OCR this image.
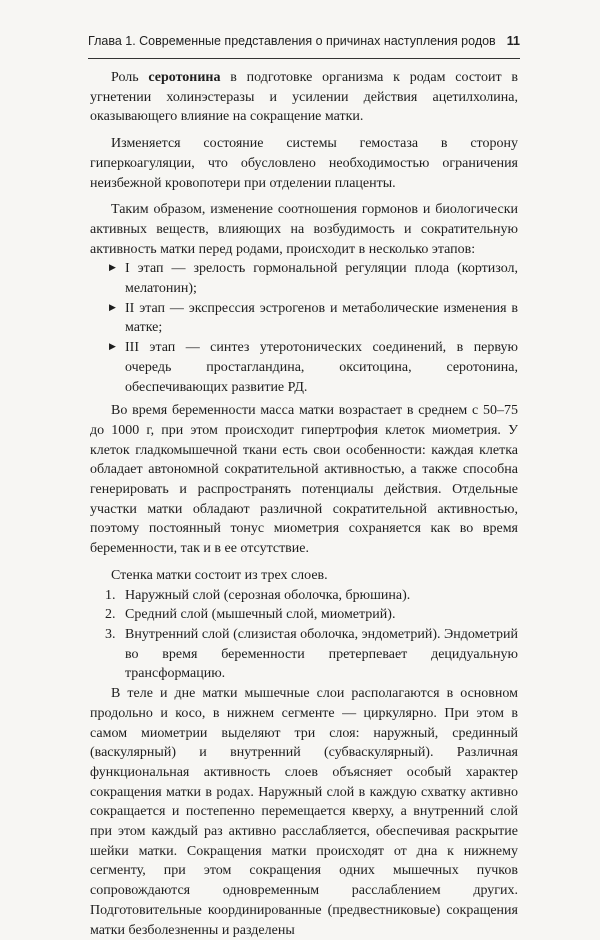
Глава 1. Современные представления о причинах наступления родов 11

Роль серотонина в подготовке организма к родам состоит в угнетении холинэстеразы и усилении действия ацетилхолина, оказывающего влияние на сокращение матки.

Изменяется состояние системы гемостаза в сторону гиперкоагуляции, что обусловлено необходимостью ограничения неизбежной кровопотери при отделении плаценты.

Таким образом, изменение соотношения гормонов и биологически активных веществ, влияющих на возбудимость и сократительную активность матки перед родами, происходит в несколько этапов:

▶ I этап — зрелость гормональной регуляции плода (кортизол, мелатонин);
▶ II этап — экспрессия эстрогенов и метаболические изменения в матке;
▶ III этап — синтез утеротонических соединений, в первую очередь простагландина, окситоцина, серотонина, обеспечивающих развитие РД.

Во время беременности масса матки возрастает в среднем с 50–75 до 1000 г, при этом происходит гипертрофия клеток миометрия. У клеток гладкомышечной ткани есть свои особенности: каждая клетка обладает автономной сократительной активностью, а также способна генерировать и распространять потенциалы действия. Отдельные участки матки обладают различной сократительной активностью, поэтому постоянный тонус миометрия сохраняется как во время беременности, так и в ее отсутствие.

Стенка матки состоит из трех слоев.

1. Наружный слой (серозная оболочка, брюшина).
2. Средний слой (мышечный слой, миометрий).
3. Внутренний слой (слизистая оболочка, эндометрий). Эндометрий во время беременности претерпевает децидуальную трансформацию.

В теле и дне матки мышечные слои располагаются в основном продольно и косо, в нижнем сегменте — циркулярно. При этом в самом миометрии выделяют три слоя: наружный, срединный (васкулярный) и внутренний (субваскулярный). Различная функциональная активность слоев объясняет особый характер сокращения матки в родах. Наружный слой в каждую схватку активно сокращается и постепенно перемещается кверху, а внутренний слой при этом каждый раз активно расслабляется, обеспечивая раскрытие шейки матки. Сокращения матки происходят от дна к нижнему сегменту, при этом сокращения одних мышечных пучков сопровождаются одновременным расслаблением других. Подготовительные координированные (предвестниковые) сокращения матки безболезненны и разделены
